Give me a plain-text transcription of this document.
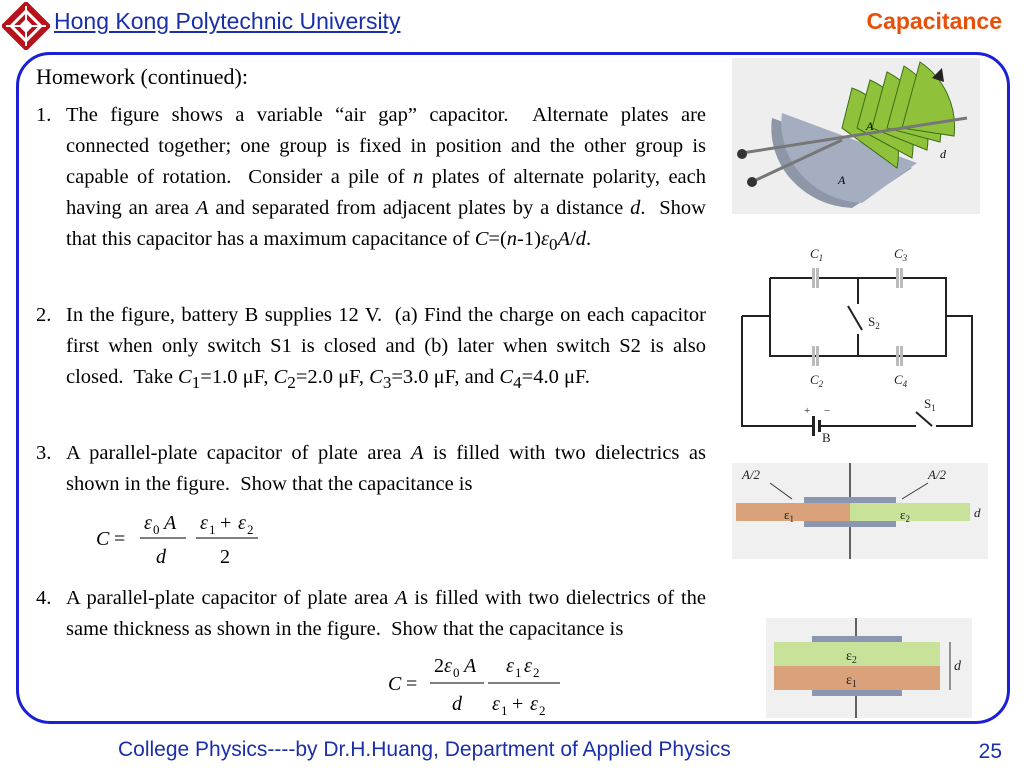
Hong Kong Polytechnic University	Capacitance
Homework (continued):
1. The figure shows a variable “air gap” capacitor.  Alternate plates are connected together; one group is fixed in position and the other group is capable of rotation.  Consider a pile of n plates of alternate polarity, each having an area A and separated from adjacent plates by a distance d.  Show that this capacitor has a maximum capacitance of $C=(n-1)\varepsilon_0A/d$.
2. In the figure, battery B supplies 12 V.  (a) Find the charge on each capacitor first when only switch S1 is closed and (b) later when switch S2 is also closed.  Take $C_1=1.0$ μF, $C_2=2.0$ μF, $C_3=3.0$ μF, and $C_4=4.0$ μF.
3. A parallel-plate capacitor of plate area A is filled with two dielectrics as shown in the figure.  Show that the capacitance is
4. A parallel-plate capacitor of plate area A is filled with two dielectrics of the same thickness as shown in the figure.  Show that the capacitance is
C =
ε 0 A
d
ε 1 + ε 2
2
C =
2 ε 0 A
d
ε 1 ε 2
ε 1 + ε 2
A
A
d
$C_1$	$C_3$
$C_2$	$C_4$
$S_2$
$S_1$
B
+ −
A/2	A/2
$\varepsilon_1$	$\varepsilon_2$	d
$\varepsilon_2$
$\varepsilon_1$
d
College Physics----by Dr.H.Huang, Department of Applied Physics	25
